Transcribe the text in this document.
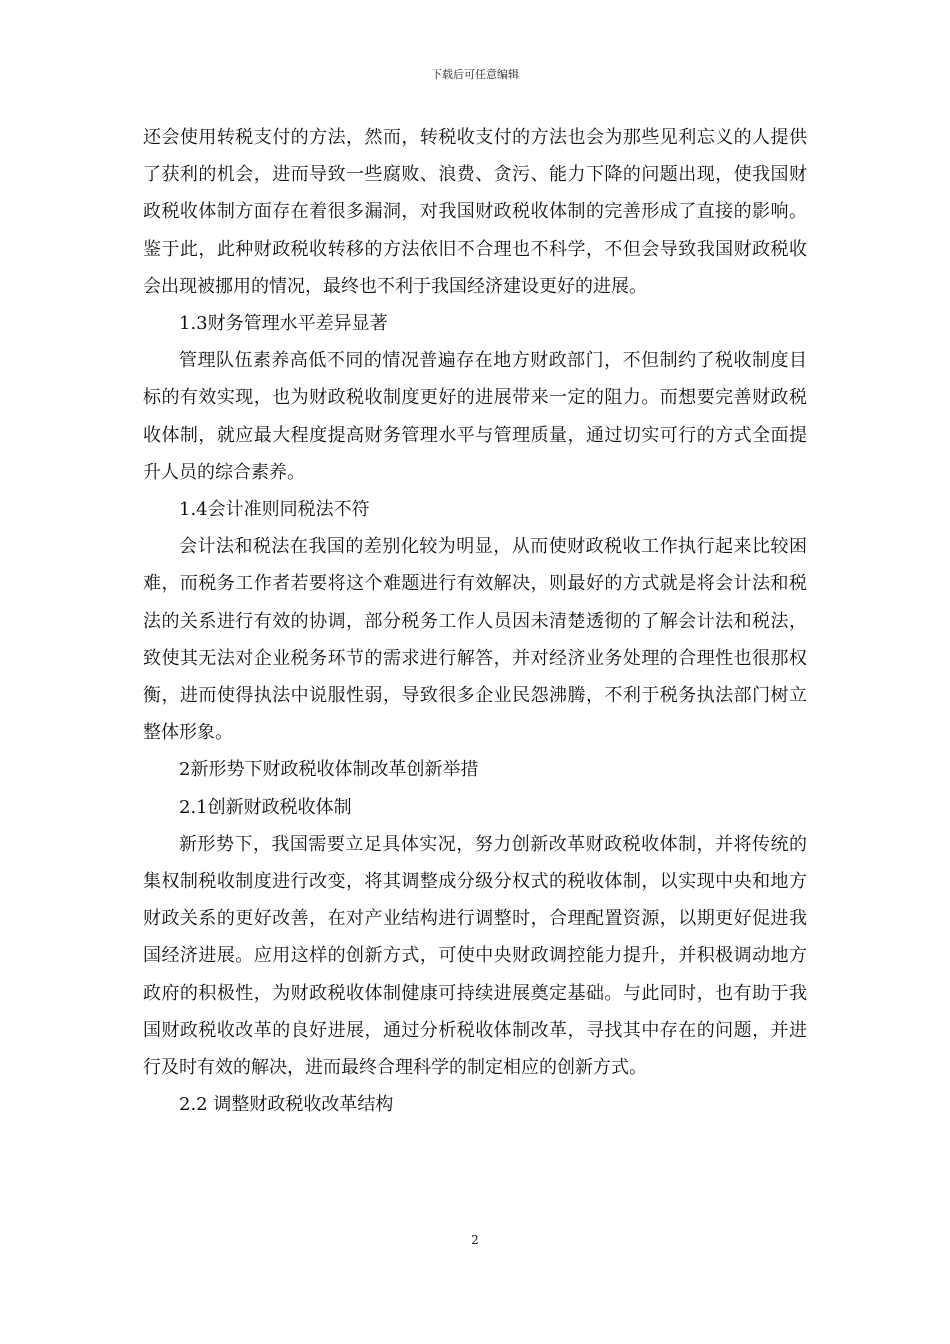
下载后可任意编辑

还会使用转税支付的方法，然而，转税收支付的方法也会为那些见利忘义的人提供了获利的机会，进而导致一些腐败、浪费、贪污、能力下降的问题出现，使我国财政税收体制方面存在着很多漏洞，对我国财政税收体制的完善形成了直接的影响。鉴于此，此种财政税收转移的方法依旧不合理也不科学，不但会导致我国财政税收会出现被挪用的情况，最终也不利于我国经济建设更好的进展。

1.3财务管理水平差异显著

管理队伍素养高低不同的情况普遍存在地方财政部门，不但制约了税收制度目标的有效实现，也为财政税收制度更好的进展带来一定的阻力。而想要完善财政税收体制，就应最大程度提高财务管理水平与管理质量，通过切实可行的方式全面提升人员的综合素养。

1.4会计准则同税法不符

会计法和税法在我国的差别化较为明显，从而使财政税收工作执行起来比较困难，而税务工作者若要将这个难题进行有效解决，则最好的方式就是将会计法和税法的关系进行有效的协调，部分税务工作人员因未清楚透彻的了解会计法和税法，致使其无法对企业税务环节的需求进行解答，并对经济业务处理的合理性也很那权衡，进而使得执法中说服性弱，导致很多企业民怨沸腾，不利于税务执法部门树立整体形象。

2新形势下财政税收体制改革创新举措

2.1创新财政税收体制

新形势下，我国需要立足具体实况，努力创新改革财政税收体制，并将传统的集权制税收制度进行改变，将其调整成分级分权式的税收体制，以实现中央和地方财政关系的更好改善，在对产业结构进行调整时，合理配置资源，以期更好促进我国经济进展。应用这样的创新方式，可使中央财政调控能力提升，并积极调动地方政府的积极性，为财政税收体制健康可持续进展奠定基础。与此同时，也有助于我国财政税收改革的良好进展，通过分析税收体制改革，寻找其中存在的问题，并进行及时有效的解决，进而最终合理科学的制定相应的创新方式。

2.2 调整财政税收改革结构

2
